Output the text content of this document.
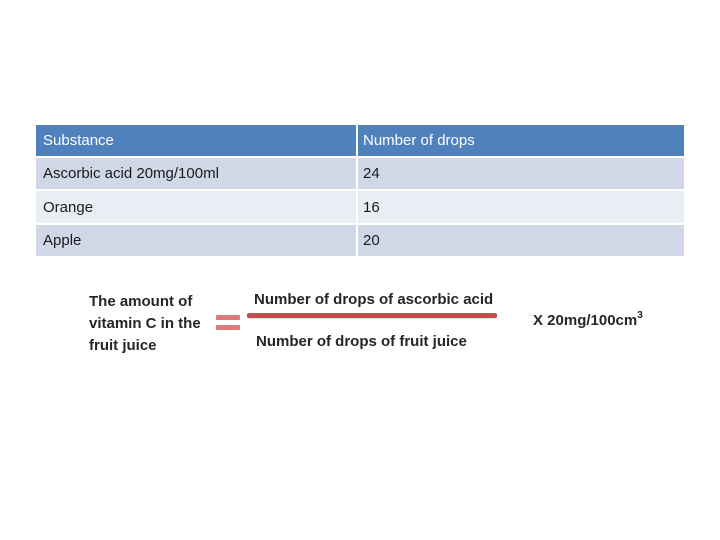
Substance	Number of drops
Ascorbic acid 20mg/100ml	24
Orange	16
Apple	20
The amount of vitamin C in the fruit juice
Number of drops of ascorbic acid
Number of drops of fruit juice
X $20mg/100cm^3$
